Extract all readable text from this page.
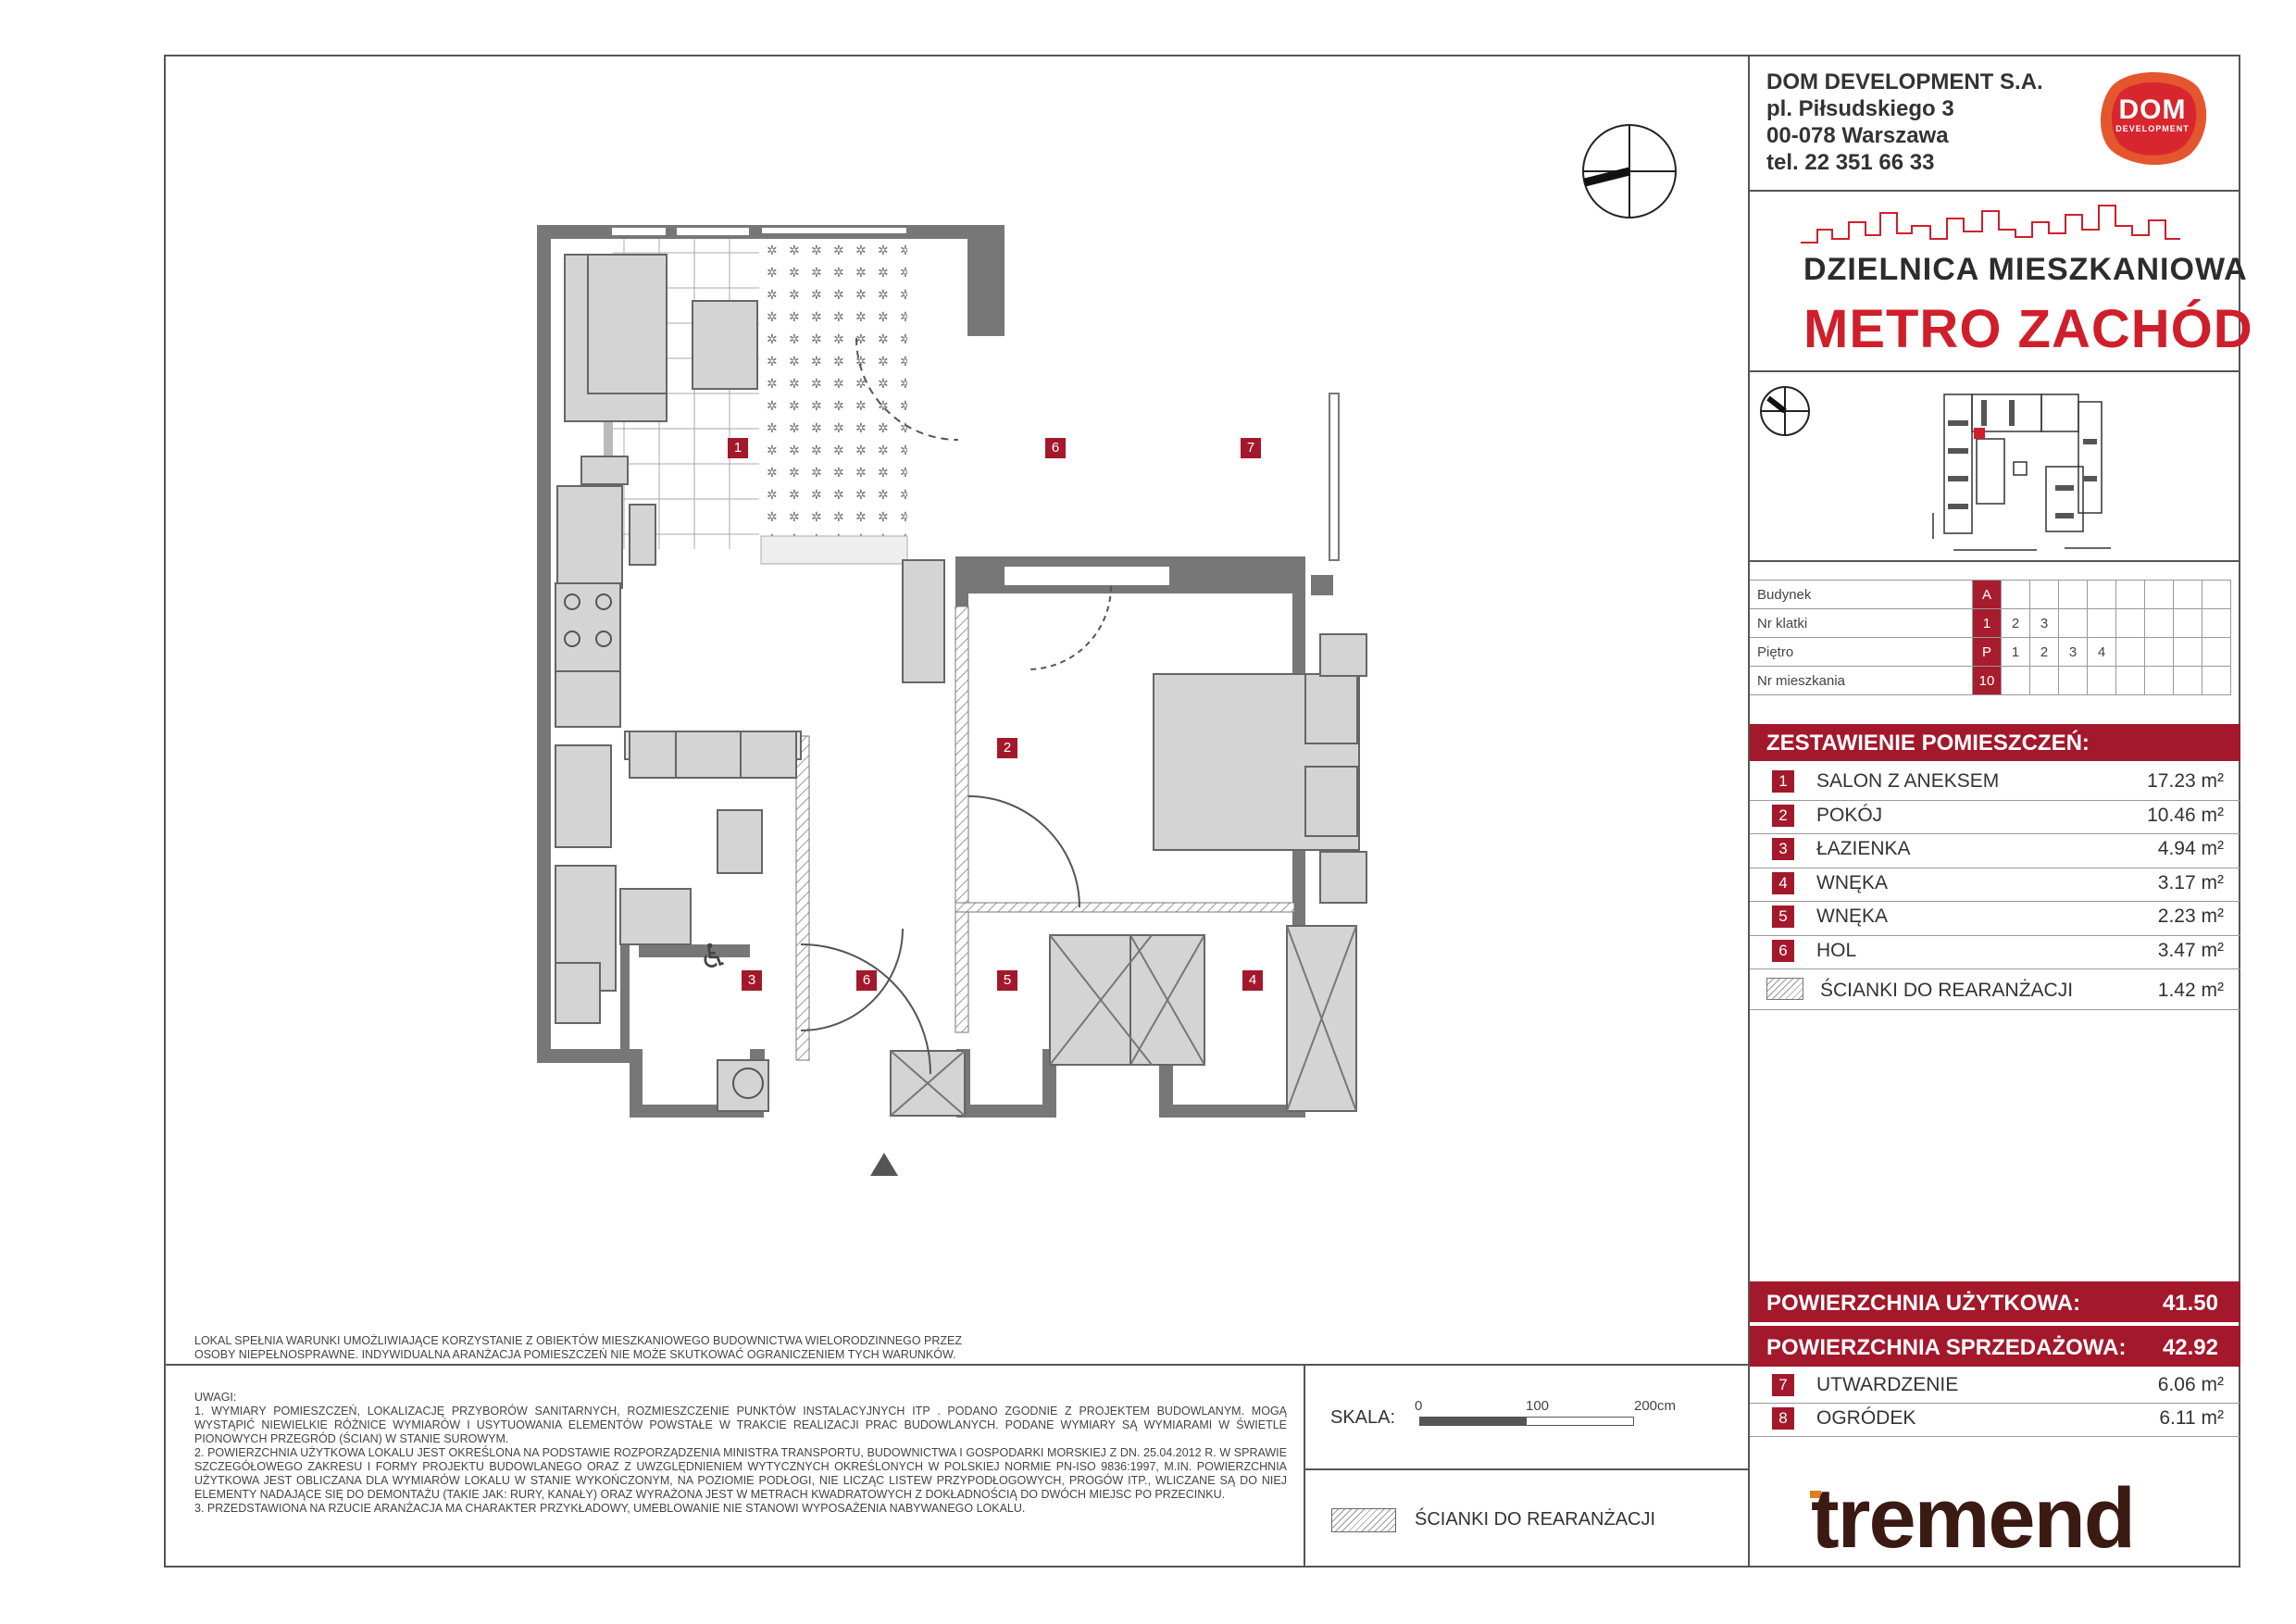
DOM DEVELOPMENT S.A.
pl. Piłsudskiego 3
00-078 Warszawa
tel. 22 351 66 33
DOM
DEVELOPMENT
DZIELNICA MIESZKANIOWA
METRO ZACHÓD
Budynek	A								
Nr klatki	1	2	3						
Piętro	P	1	2	3	4				
Nr mieszkania	10								
ZESTAWIENIE POMIESZCZEŃ:
1	SALON Z ANEKSEM	17.23 m²
2	POKÓJ	10.46 m²
3	ŁAZIENKA	4.94 m²
4	WNĘKA	3.17 m²
5	WNĘKA	2.23 m²
6	HOL	3.47 m²
ŚCIANKI DO REARANŻACJI	1.42 m²
POWIERZCHNIA UŻYTKOWA:	41.50
POWIERZCHNIA SPRZEDAŻOWA: 42.92
7	UTWARDZENIE	6.06 m²
8	OGRÓDEK	6.11 m²
tremend
♿
1
2
3	4
5
6
6
7
LOKAL SPEŁNIA WARUNKI UMOŻLIWIAJĄCE KORZYSTANIE Z OBIEKTÓW MIESZKANIOWEGO BUDOWNICTWA WIELORODZINNEGO PRZEZ OSOBY NIEPEŁNOSPRAWNE. INDYWIDUALNA ARANŻACJA POMIESZCZEŃ NIE MOŻE SKUTKOWAĆ OGRANICZENIEM TYCH WARUNKÓW.
UWAGI:
1. WYMIARY POMIESZCZEŃ, LOKALIZACJĘ PRZYBORÓW SANITARNYCH, ROZMIESZCZENIE PUNKTÓW INSTALACYJNYCH ITP . PODANO ZGODNIE Z PROJEKTEM BUDOWLANYM. MOGĄ WYSTĄPIĆ NIEWIELKIE RÓŻNICE WYMIARÓW I USYTUOWANIA ELEMENTÓW POWSTAŁE W TRAKCIE REALIZACJI PRAC BUDOWLANYCH. PODANE WYMIARY SĄ WYMIARAMI W ŚWIETLE PIONOWYCH PRZEGRÓD (ŚCIAN) W STANIE SUROWYM.
2. POWIERZCHNIA UŻYTKOWA LOKALU JEST OKREŚLONA NA PODSTAWIE ROZPORZĄDZENIA MINISTRA TRANSPORTU, BUDOWNICTWA I GOSPODARKI MORSKIEJ Z DN. 25.04.2012 R. W SPRAWIE SZCZEGÓŁOWEGO ZAKRESU I FORMY PROJEKTU BUDOWLANEGO ORAZ Z UWZGLĘDNIENIEM WYTYCZNYCH OKREŚLONYCH W POLSKIEJ NORMIE PN-ISO 9836:1997, M.IN. POWIERZCHNIA UŻYTKOWA JEST OBLICZANA DLA WYMIARÓW LOKALU W STANIE WYKOŃCZONYM, NA POZIOMIE PODŁOGI, NIE LICZĄC LISTEW PRZYPODŁOGOWYCH, PROGÓW ITP., WLICZANE SĄ DO NIEJ ELEMENTY NADAJĄCE SIĘ DO DEMONTAŻU (TAKIE JAK: RURY, KANAŁY) ORAZ WYRAŻONA JEST W METRACH KWADRATOWYCH Z DOKŁADNOŚCIĄ DO DWÓCH MIEJSC PO PRZECINKU.
3. PRZEDSTAWIONA NA RZUCIE ARANŻACJA MA CHARAKTER PRZYKŁADOWY, UMEBLOWANIE NIE STANOWI WYPOSAŻENIA NABYWANEGO LOKALU.
SKALA:
0	100	200cm
ŚCIANKI DO REARANŻACJI
